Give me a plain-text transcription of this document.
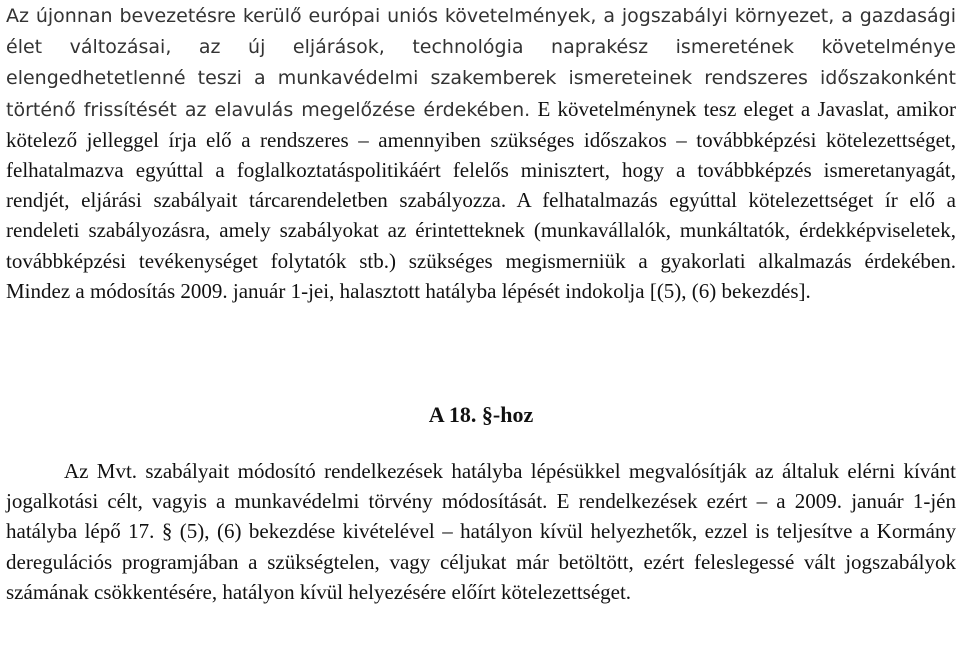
Az újonnan bevezetésre kerülő európai uniós követelmények, a jogszabályi környezet, a gazdasági élet változásai, az új eljárások, technológia naprakész ismeretének követelménye elengedhetetlenné teszi a munkavédelmi szakemberek ismereteinek rendszeres időszakonként történő frissítését az elavulás megelőzése érdekében. E követelménynek tesz eleget a Javaslat, amikor kötelező jelleggel írja elő a rendszeres – amennyiben szükséges időszakos – továbbképzési kötelezettséget, felhatalmazva egyúttal a foglalkoztatáspolitikáért felelős minisztert, hogy a továbbképzés ismeretanyagát, rendjét, eljárási szabályait tárcarendeletben szabályozza. A felhatalmazás egyúttal kötelezettséget ír elő a rendeleti szabályozásra, amely szabályokat az érintetteknek (munkavállalók, munkáltatók, érdekképviseletek, továbbképzési tevékenységet folytatók stb.) szükséges megismerniük a gyakorlati alkalmazás érdekében. Mindez a módosítás 2009. január 1-jei, halasztott hatályba lépését indokolja [(5), (6) bekezdés].

A 18. §-hoz

Az Mvt. szabályait módosító rendelkezések hatályba lépésükkel megvalósítják az általuk elérni kívánt jogalkotási célt, vagyis a munkavédelmi törvény módosítását. E rendelkezések ezért – a 2009. január 1-jén hatályba lépő 17. § (5), (6) bekezdése kivételével – hatályon kívül helyezhetők, ezzel is teljesítve a Kormány deregulációs programjában a szükségtelen, vagy céljukat már betöltött, ezért feleslegessé vált jogszabályok számának csökkentésére, hatályon kívül helyezésére előírt kötelezettséget.
